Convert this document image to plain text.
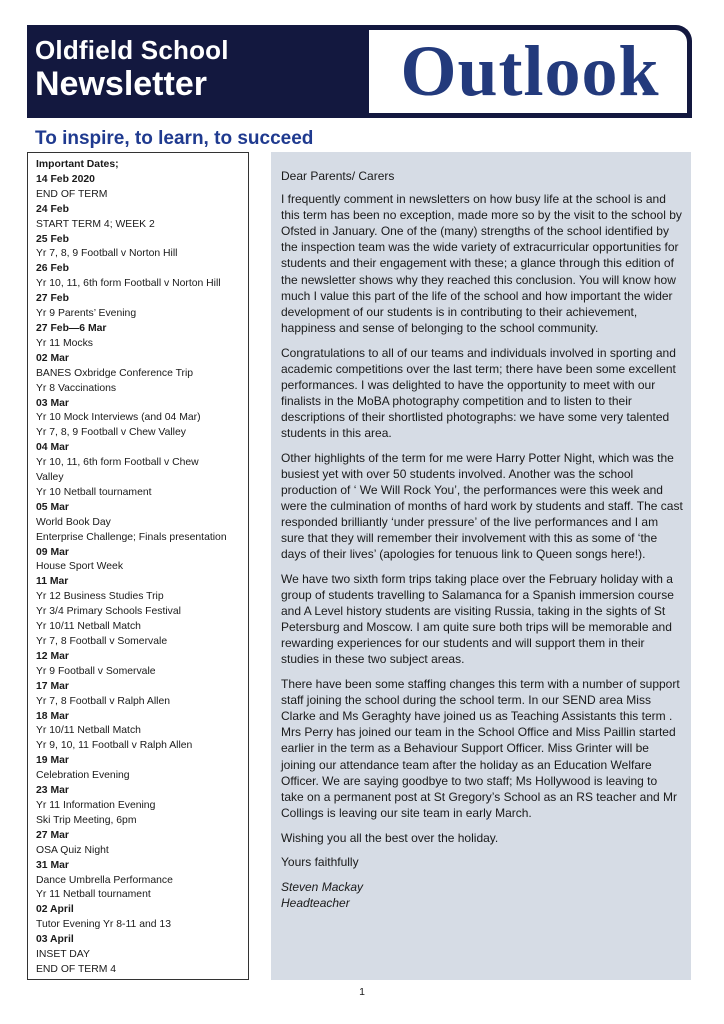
Oldfield School
Newsletter	Outlook
To inspire, to learn, to succeed
Important Dates;
14 Feb 2020
END OF TERM
24 Feb
START TERM 4; WEEK 2
25 Feb
Yr 7, 8, 9 Football v Norton Hill
26 Feb
Yr 10, 11, 6th form Football v Norton Hill
27 Feb
Yr 9 Parents’ Evening
27 Feb—6 Mar
Yr 11 Mocks
02 Mar
BANES Oxbridge Conference Trip
Yr 8 Vaccinations
03 Mar
Yr 10 Mock Interviews (and 04 Mar)
Yr 7, 8, 9 Football v Chew Valley
04 Mar
Yr 10, 11, 6th form Football v Chew
Valley
Yr 10 Netball tournament
05 Mar
World Book Day
Enterprise Challenge; Finals presentation
09 Mar
House Sport Week
11 Mar
Yr 12 Business Studies Trip
Yr 3/4 Primary Schools Festival
Yr 10/11 Netball Match
Yr 7, 8 Football v Somervale
12 Mar
Yr 9 Football v Somervale
17 Mar
Yr 7, 8 Football v Ralph Allen
18 Mar
Yr 10/11 Netball Match
Yr 9, 10, 11 Football v Ralph Allen
19 Mar
Celebration Evening
23 Mar
Yr 11 Information Evening
Ski Trip Meeting, 6pm
27 Mar
OSA Quiz Night
31 Mar
Dance Umbrella Performance
Yr 11 Netball tournament
02 April
Tutor Evening Yr 8-11 and 13
03 April
INSET DAY
END OF TERM 4

Dear Parents/ Carers

I frequently comment in newsletters on how busy life at the school is and this term has been no exception, made more so by the visit to the school by Ofsted in January. One of the (many) strengths of the school identified by the inspection team was the wide variety of extracurricular opportunities for students and their engagement with these; a glance through this edition of the newsletter shows why they reached this conclusion. You will know how much I value this part of the life of the school and how important the wider development of our students is in contributing to their achievement, happiness and sense of belonging to the school community.

Congratulations to all of our teams and individuals involved in sporting and academic competitions over the last term; there have been some excellent performances. I was delighted to have the opportunity to meet with our finalists in the MoBA photography competition and to listen to their descriptions of their shortlisted photographs: we have some very talented students in this area.

Other highlights of the term for me were Harry Potter Night, which was the busiest yet with over 50 students involved. Another was the school production of ‘ We Will Rock You’, the performances were this week and were the culmination of months of hard work by students and staff. The cast responded brilliantly ‘under pressure’ of the live performances and I am sure that they will remember their involvement with this as some of ‘the days of their lives’ (apologies for tenuous link to Queen songs here!).

We have two sixth form trips taking place over the February holiday with a group of students travelling to Salamanca for a Spanish immersion course and A Level history students are visiting Russia, taking in the sights of St Petersburg and Moscow. I am quite sure both trips will be memorable and rewarding experiences for our students and will support them in their studies in these two subject areas.

There have been some staffing changes this term with a number of support staff joining the school during the school term. In our SEND area Miss Clarke and Ms Geraghty have joined us as Teaching Assistants this term . Mrs Perry has joined our team in the School Office and Miss Paillin started earlier in the term as a Behaviour Support Officer. Miss Grinter will be joining our attendance team after the holiday as an Education Welfare Officer. We are saying goodbye to two staff; Ms Hollywood is leaving to take on a permanent post at St Gregory’s School as an RS teacher and Mr Collings is leaving our site team in early March.

Wishing you all the best over the holiday.

Yours faithfully

Steven Mackay

Headteacher

1
